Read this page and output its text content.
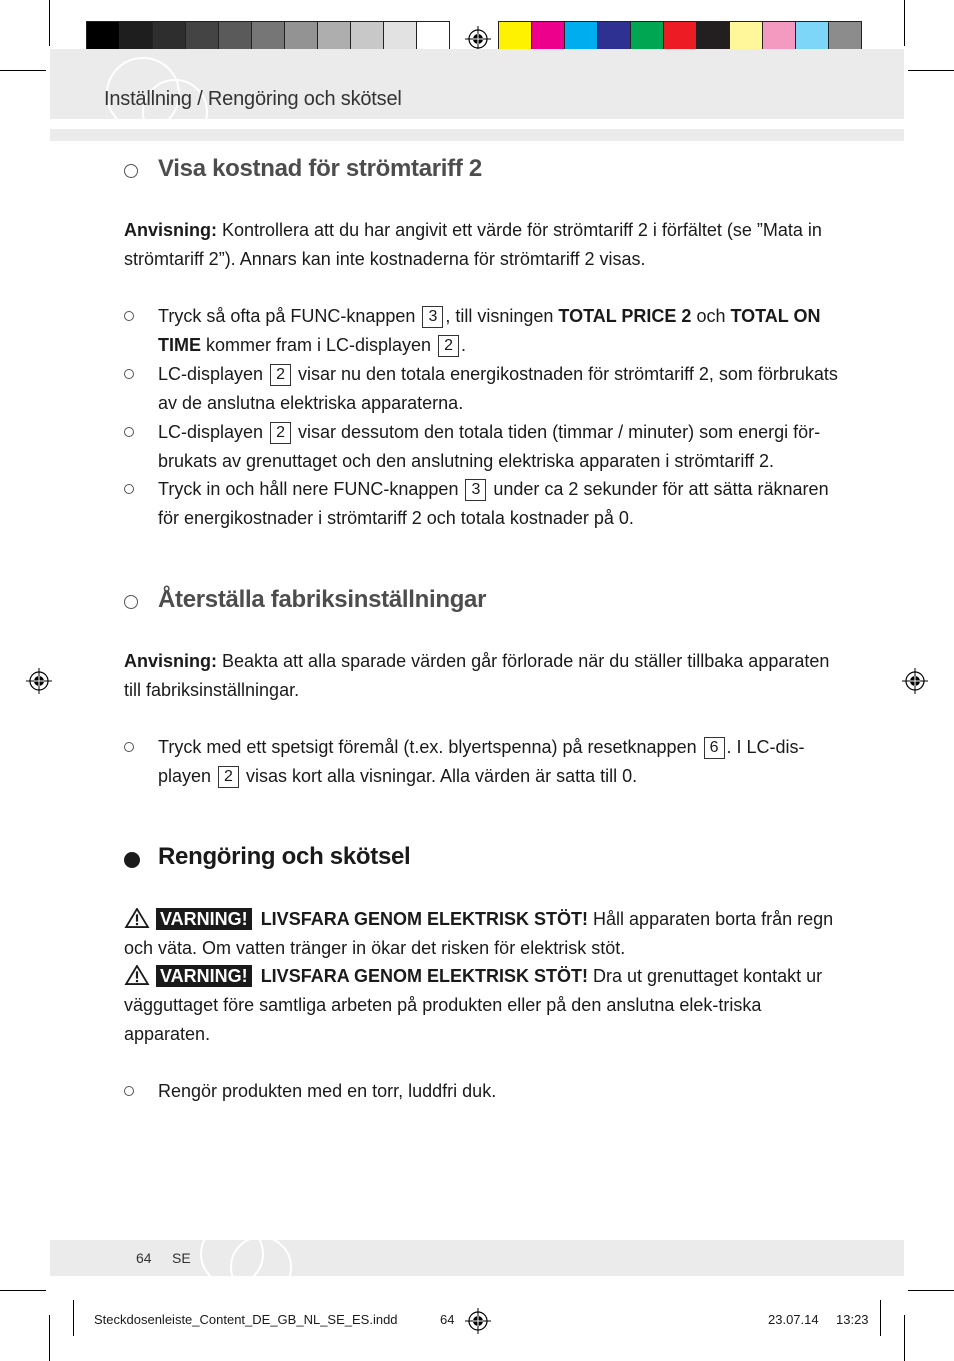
Inställning / Rengöring och skötsel
Visa kostnad för strömtariff 2
Anvisning: Kontrollera att du har angivit ett värde för strömtariff 2 i förfältet (se ”Mata in strömtariff 2”). Annars kan inte kostnaderna för strömtariff 2 visas.
Tryck så ofta på FUNC-knappen 3 , till visningen TOTAL PRICE 2 och TOTAL ON TIME kommer fram i LC-displayen 2 .
LC-displayen 2 visar nu den totala energikostnaden för strömtariff 2, som förbrukats av de anslutna elektriska apparaterna.
LC-displayen 2 visar dessutom den totala tiden (timmar / minuter) som energi för-brukats av grenuttaget och den anslutning elektriska apparaten i strömtariff 2.
Tryck in och håll nere FUNC-knappen 3 under ca 2 sekunder för att sätta räknaren för energikostnader i strömtariff 2 och totala kostnader på 0.
Återställa fabriksinställningar
Anvisning: Beakta att alla sparade värden går förlorade när du ställer tillbaka apparaten till fabriksinställningar.
Tryck med ett spetsigt föremål (t.ex. blyertspenna) på resetknappen 6 . I LC-dis-playen 2 visas kort alla visningar. Alla värden är satta till 0.
Rengöring och skötsel
VARNING! LIVSFARA GENOM ELEKTRISK STÖT! Håll apparaten borta från regn och väta. Om vatten tränger in ökar det risken för elektrisk stöt.
VARNING! LIVSFARA GENOM ELEKTRISK STÖT! Dra ut grenuttaget kontakt ur vägguttaget före samtliga arbeten på produkten eller på den anslutna elek-triska apparaten.
Rengör produkten med en torr, luddfri duk.
64 SE
Steckdosenleiste_Content_DE_GB_NL_SE_ES.indd	64	23.07.14 13:23
